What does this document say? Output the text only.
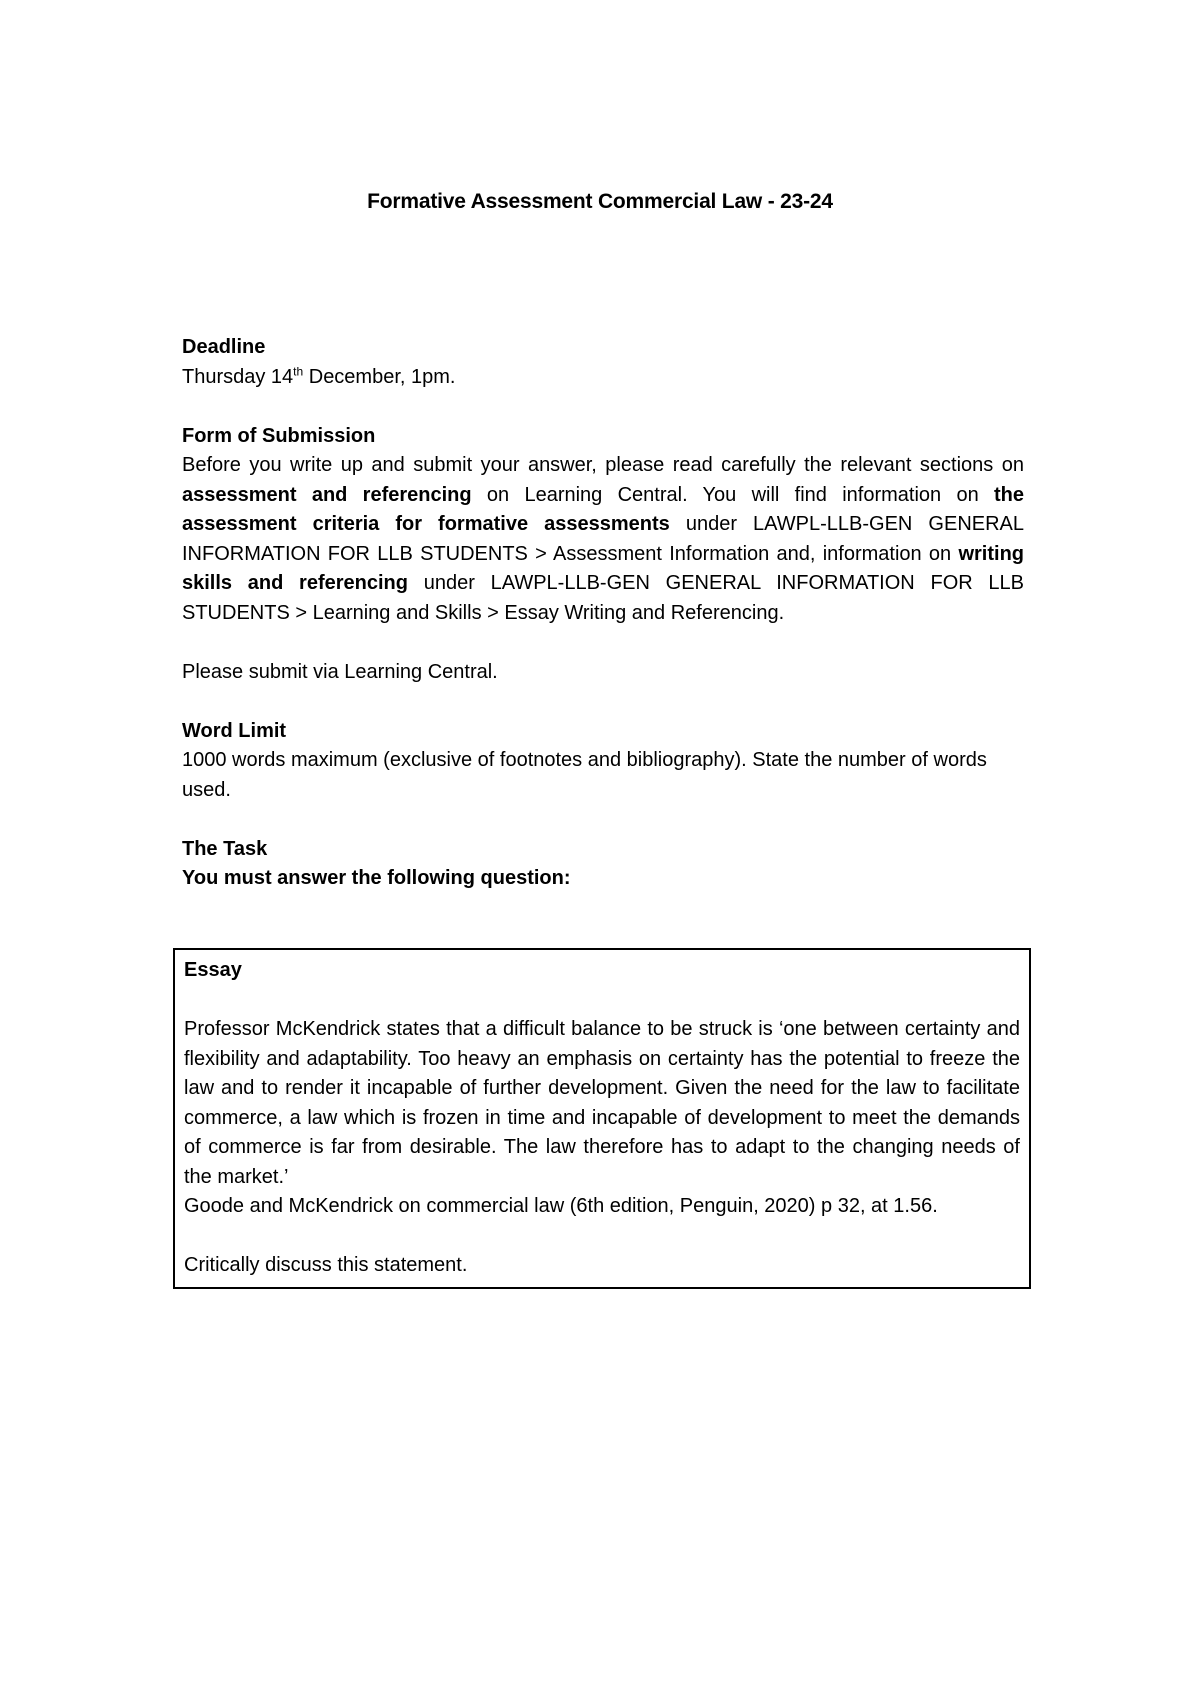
Formative Assessment Commercial Law - 23-24

Deadline

Thursday 14th December, 1pm.

Form of Submission

Before you write up and submit your answer, please read carefully the relevant sections on assessment and referencing on Learning Central. You will find information on the assessment criteria for formative assessments under LAWPL-LLB-GEN GENERAL INFORMATION FOR LLB STUDENTS > Assessment Information and, information on writing skills and referencing under LAWPL-LLB-GEN GENERAL INFORMATION FOR LLB STUDENTS > Learning and Skills > Essay Writing and Referencing.

Please submit via Learning Central.

Word Limit

1000 words maximum (exclusive of footnotes and bibliography). State the number of words used.

The Task

You must answer the following question:

Essay

Professor McKendrick states that a difficult balance to be struck is ‘one between certainty and flexibility and adaptability. Too heavy an emphasis on certainty has the potential to freeze the law and to render it incapable of further development. Given the need for the law to facilitate commerce, a law which is frozen in time and incapable of development to meet the demands of commerce is far from desirable. The law therefore has to adapt to the changing needs of the market.’

Goode and McKendrick on commercial law (6th edition, Penguin, 2020) p 32, at 1.56.

Critically discuss this statement.
